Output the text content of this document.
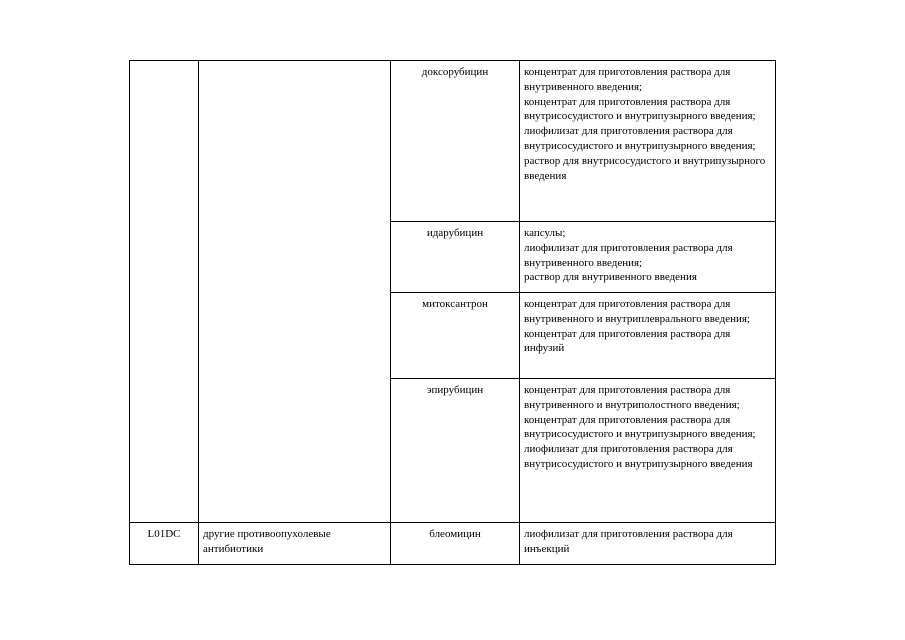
		доксорубицин	концентрат для приготовления раствора для внутривенного введения;
концентрат для приготовления раствора для внутрисосудистого и внутрипузырного введения;
лиофилизат для приготовления раствора для внутрисосудистого и внутрипузырного введения;
раствор для внутрисосудистого и внутрипузырного введения

		идарубицин	капсулы;
лиофилизат для приготовления раствора для внутривенного введения;
раствор для внутривенного введения

		митоксантрон	концентрат для приготовления раствора для внутривенного и внутриплеврального введения;
концентрат для приготовления раствора для инфузий

		эпирубицин	концентрат для приготовления раствора для внутривенного и внутриполостного введения;
концентрат для приготовления раствора для внутрисосудистого и внутрипузырного введения;
лиофилизат для приготовления раствора для внутрисосудистого и внутрипузырного введения

L01DC	другие противоопухолевые антибиотики	блеомицин	лиофилизат для приготовления раствора для инъекций
